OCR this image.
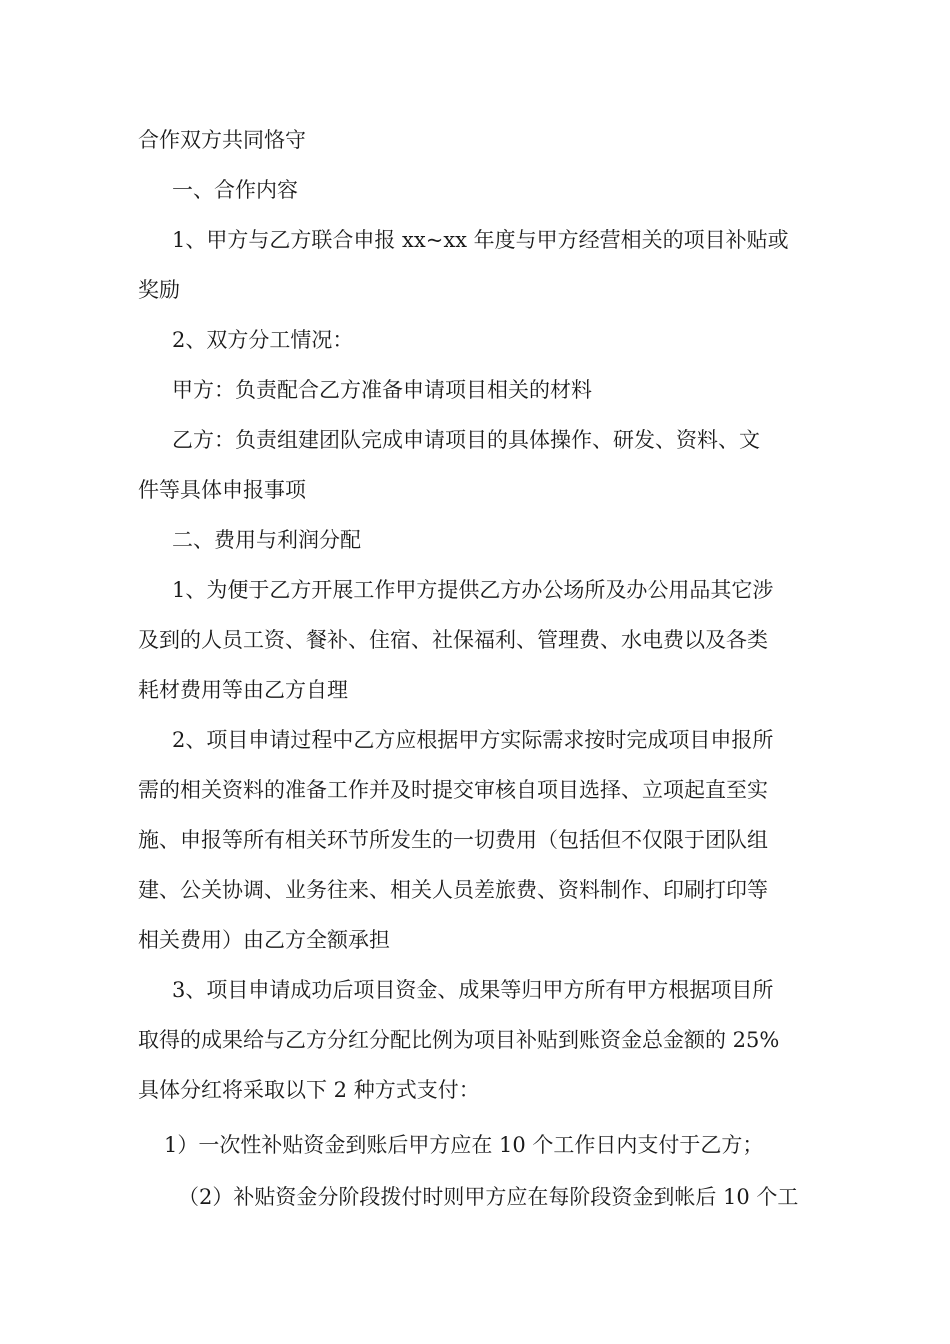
合作双方共同恪守
一、合作内容
1、甲方与乙方联合申报 xx~xx 年度与甲方经营相关的项目补贴或
奖励
2、双方分工情况：
甲方：负责配合乙方准备申请项目相关的材料
乙方：负责组建团队完成申请项目的具体操作、研发、资料、文
件等具体申报事项
二、费用与利润分配
1、为便于乙方开展工作甲方提供乙方办公场所及办公用品其它涉
及到的人员工资、餐补、住宿、社保福利、管理费、水电费以及各类
耗材费用等由乙方自理
2、项目申请过程中乙方应根据甲方实际需求按时完成项目申报所
需的相关资料的准备工作并及时提交审核自项目选择、立项起直至实
施、申报等所有相关环节所发生的一切费用（包括但不仅限于团队组
建、公关协调、业务往来、相关人员差旅费、资料制作、印刷打印等
相关费用）由乙方全额承担
3、项目申请成功后项目资金、成果等归甲方所有甲方根据项目所
取得的成果给与乙方分红分配比例为项目补贴到账资金总金额的 25%
具体分红将采取以下 2 种方式支付：
1）一次性补贴资金到账后甲方应在 10 个工作日内支付于乙方；
（2）补贴资金分阶段拨付时则甲方应在每阶段资金到帐后 10 个工
